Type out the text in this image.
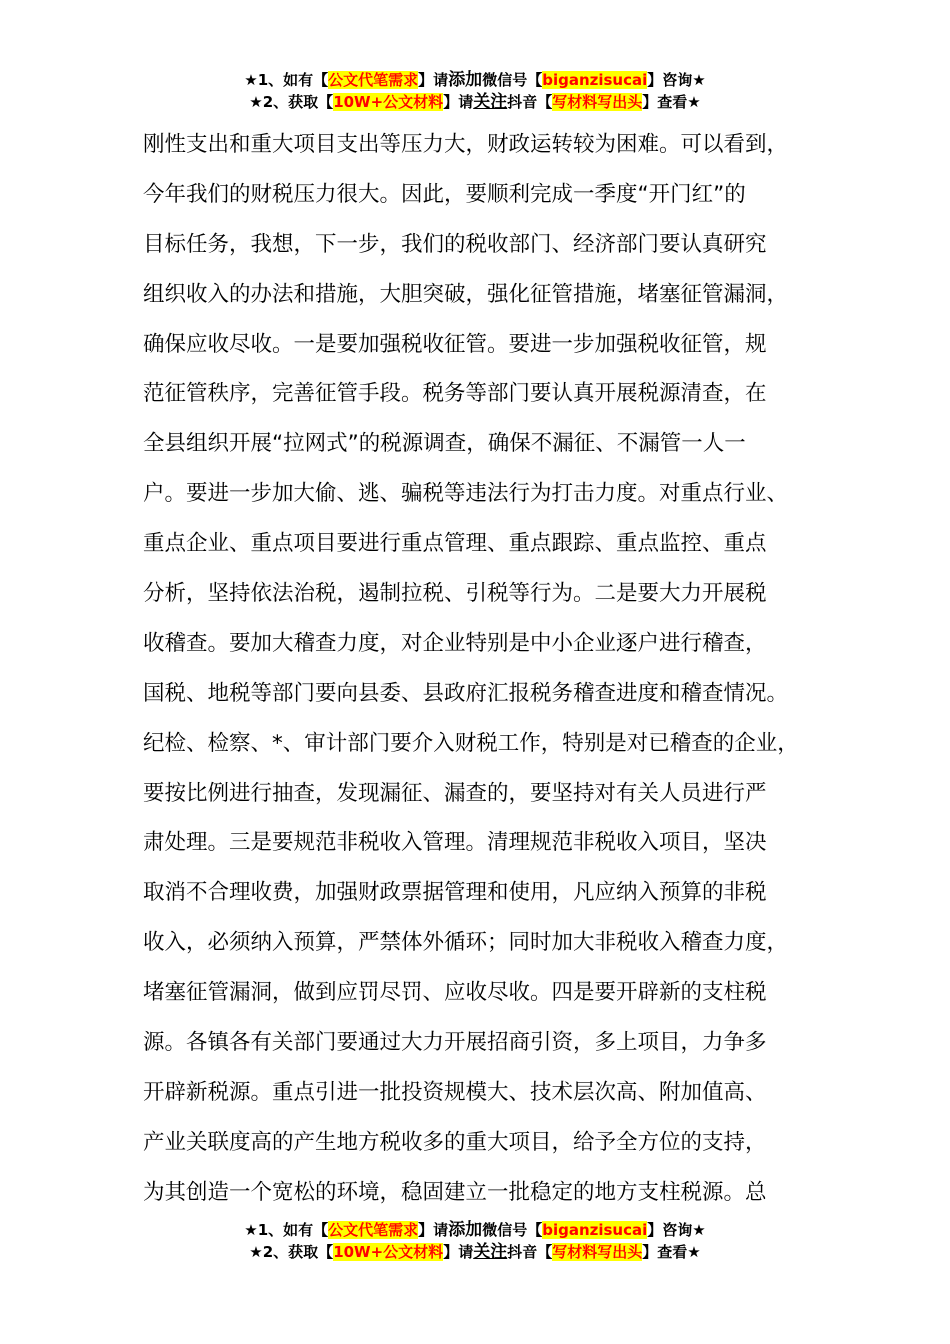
★1、如有【公文代笔需求】请添加微信号【biganzisucai】咨询★
★2、获取【10W+公文材料】请关注抖音【写材料写出头】查看★
刚性支出和重大项目支出等压力大，财政运转较为困难。可以看到，
今年我们的财税压力很大。因此，要顺利完成一季度“开门红”的
目标任务，我想，下一步，我们的税收部门、经济部门要认真研究
组织收入的办法和措施，大胆突破，强化征管措施，堵塞征管漏洞，
确保应收尽收。一是要加强税收征管。要进一步加强税收征管，规
范征管秩序，完善征管手段。税务等部门要认真开展税源清查，在
全县组织开展“拉网式”的税源调查，确保不漏征、不漏管一人一
户。要进一步加大偷、逃、骗税等违法行为打击力度。对重点行业、
重点企业、重点项目要进行重点管理、重点跟踪、重点监控、重点
分析，坚持依法治税，遏制拉税、引税等行为。二是要大力开展税
收稽查。要加大稽查力度，对企业特别是中小企业逐户进行稽查，
国税、地税等部门要向县委、县政府汇报税务稽查进度和稽查情况。
纪检、检察、*、审计部门要介入财税工作，特别是对已稽查的企业，
要按比例进行抽查，发现漏征、漏查的，要坚持对有关人员进行严
肃处理。三是要规范非税收入管理。清理规范非税收入项目，坚决
取消不合理收费，加强财政票据管理和使用，凡应纳入预算的非税
收入，必须纳入预算，严禁体外循环；同时加大非税收入稽查力度，
堵塞征管漏洞，做到应罚尽罚、应收尽收。四是要开辟新的支柱税
源。各镇各有关部门要通过大力开展招商引资，多上项目，力争多
开辟新税源。重点引进一批投资规模大、技术层次高、附加值高、
产业关联度高的产生地方税收多的重大项目，给予全方位的支持，
为其创造一个宽松的环境，稳固建立一批稳定的地方支柱税源。总
★1、如有【公文代笔需求】请添加微信号【biganzisucai】咨询★
★2、获取【10W+公文材料】请关注抖音【写材料写出头】查看★
